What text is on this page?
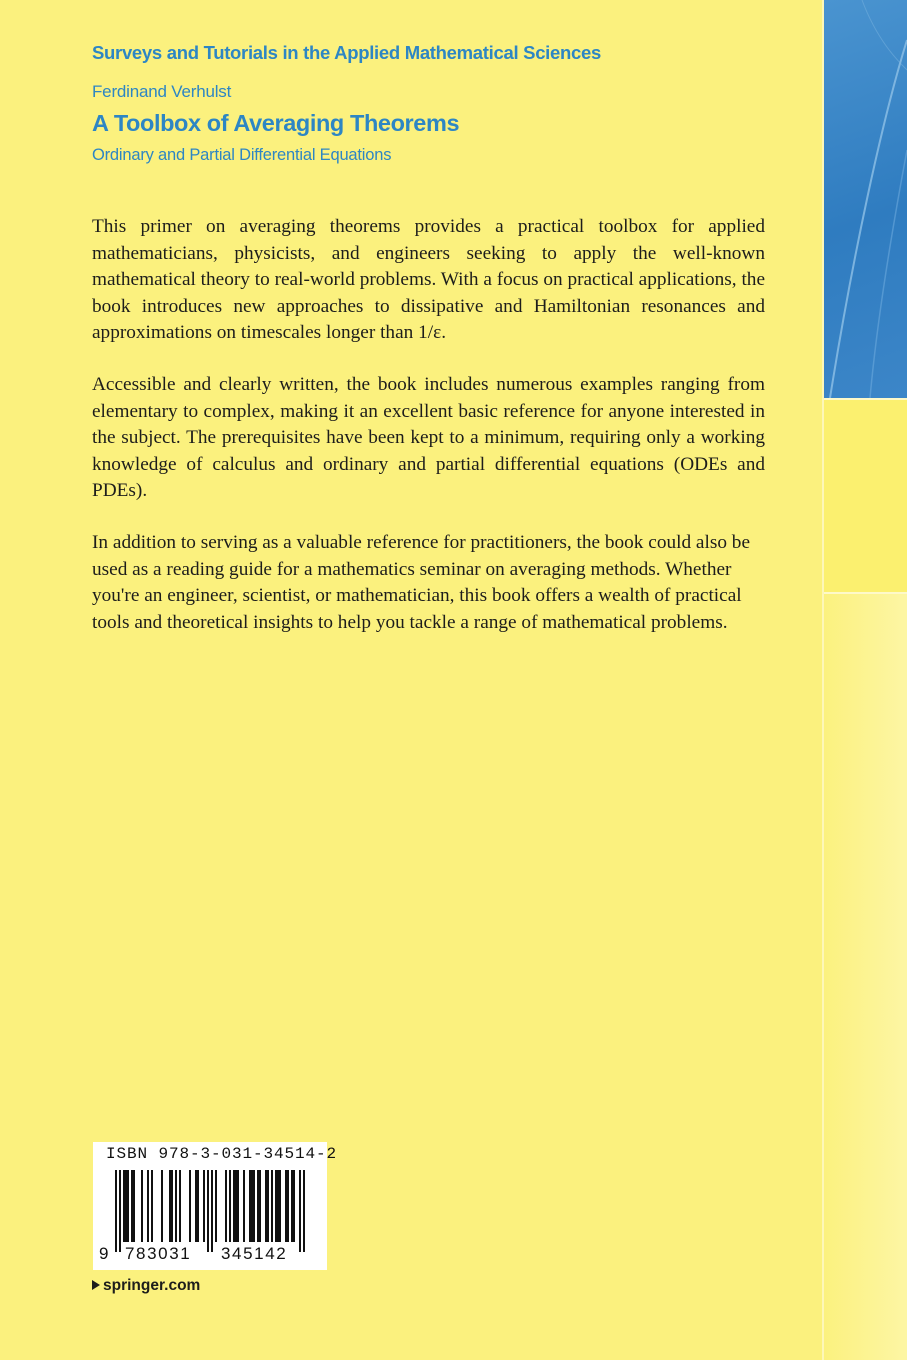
Surveys and Tutorials in the Applied Mathematical Sciences

Ferdinand Verhulst

A Toolbox of Averaging Theorems

Ordinary and Partial Differential Equations

This primer on averaging theorems provides a practical toolbox for applied mathematicians, physicists, and engineers seeking to apply the well-known mathematical theory to real-world problems. With a focus on practical applications, the book introduces new approaches to dissipative and Hamiltonian resonances and approximations on timescales longer than 1/ε.

Accessible and clearly written, the book includes numerous examples ranging from elementary to complex, making it an excellent basic reference for anyone interested in the subject. The prerequisites have been kept to a minimum, requiring only a working knowledge of calculus and ordinary and partial differential equations (ODEs and PDEs).

In addition to serving as a valuable reference for practitioners, the book could also be used as a reading guide for a mathematics seminar on averaging methods. Whether you're an engineer, scientist, or mathematician, this book offers a wealth of practical tools and theoretical insights to help you tackle a range of mathematical problems.

ISBN 978-3-031-34514-2

9 783031	345142

springer.com
